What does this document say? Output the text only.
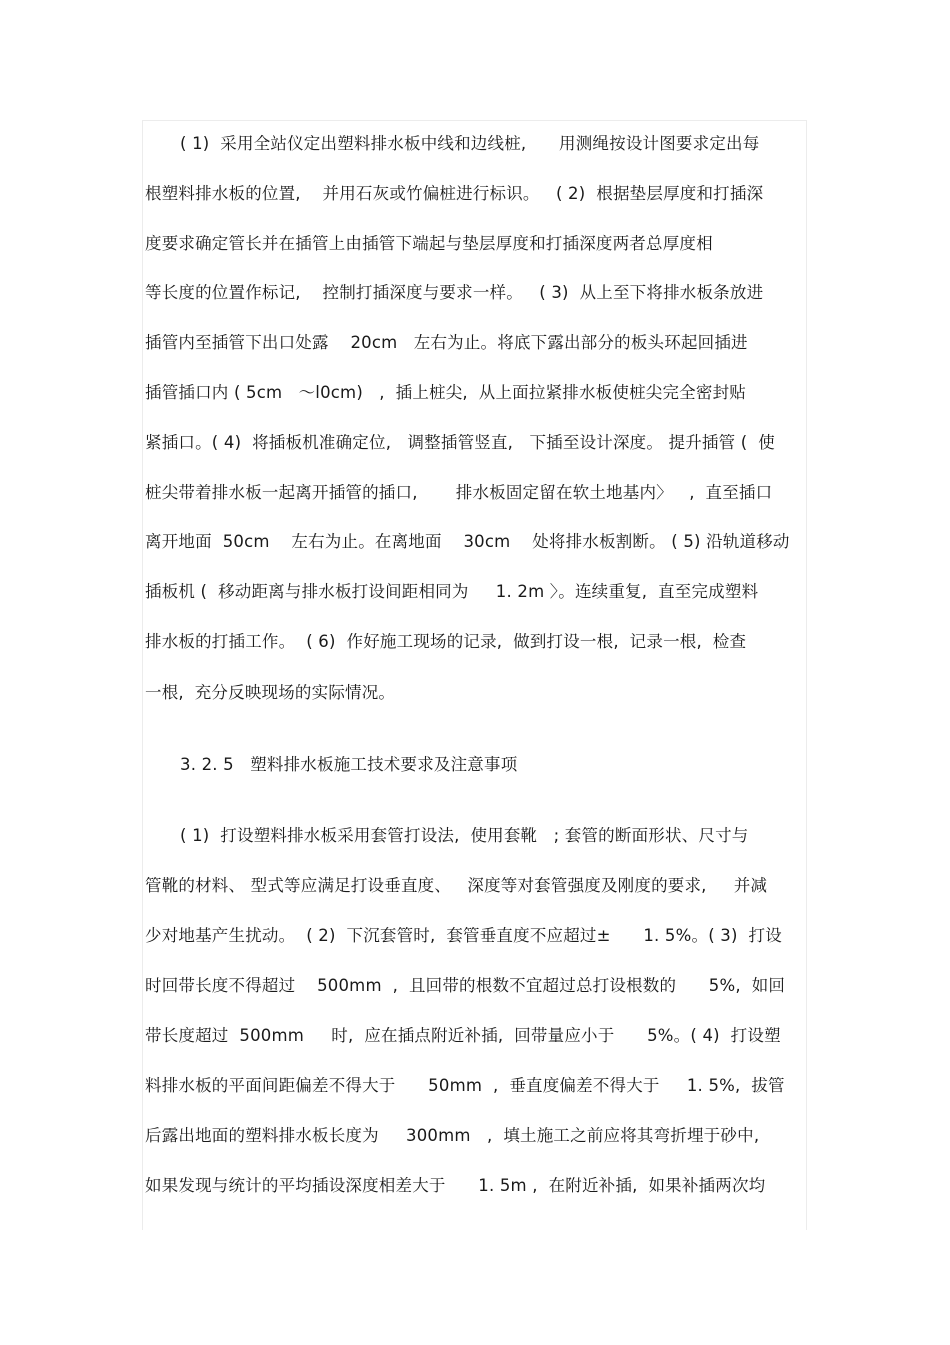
( 1)  采用全站仪定出塑料排水板中线和边线桩,      用测绳按设计图要求定出每
根塑料排水板的位置,    并用石灰或竹偏桩进行标识。   ( 2)  根据垫层厚度和打插深
度要求确定管长并在插管上由插管下端起与垫层厚度和打插深度两者总厚度相
等长度的位置作标记,    控制打插深度与要求一样。   ( 3)  从上至下将排水板条放进
插管内至插管下出口处露    20cm   左右为止。将底下露出部分的板头环起回插进
插管插口内 ( 5cm   ～l0cm)   ,  插上桩尖,  从上面拉紧排水板使桩尖完全密封贴
紧插口。( 4)  将插板机准确定位,   调整插管竖直,   下插至设计深度。 提升插管 (  使
桩尖带着排水板一起离开插管的插口,       排水板固定留在软土地基内〉   ,  直至插口
离开地面  50cm    左右为止。在离地面    30cm    处将排水板割断。 ( 5) 沿轨道移动
插板机 (  移动距离与排水板打设间距相同为     1. 2m 〉。连续重复,  直至完成塑料
排水板的打插工作。  ( 6)  作好施工现场的记录,  做到打设一根,  记录一根,  检查
一根,  充分反映现场的实际情况。
3. 2. 5   塑料排水板施工技术要求及注意事项
( 1)  打设塑料排水板采用套管打设法,  使用套靴   ; 套管的断面形状、尺寸与
管靴的材料、 型式等应满足打设垂直度、   深度等对套管强度及刚度的要求,     并减
少对地基产生扰动。  ( 2)  下沉套管时,  套管垂直度不应超过±      1. 5%。( 3)  打设
时回带长度不得超过    500mm  ,  且回带的根数不宜超过总打设根数的      5%,  如回
带长度超过  500mm     时,  应在插点附近补插,  回带量应小于      5%。( 4)  打设塑
料排水板的平面间距偏差不得大于      50mm  ,  垂直度偏差不得大于     1. 5%,  拔管
后露出地面的塑料排水板长度为     300mm   ,  填土施工之前应将其弯折埋于砂中,
如果发现与统计的平均插设深度相差大于      1. 5m ,  在附近补插,  如果补插两次均
